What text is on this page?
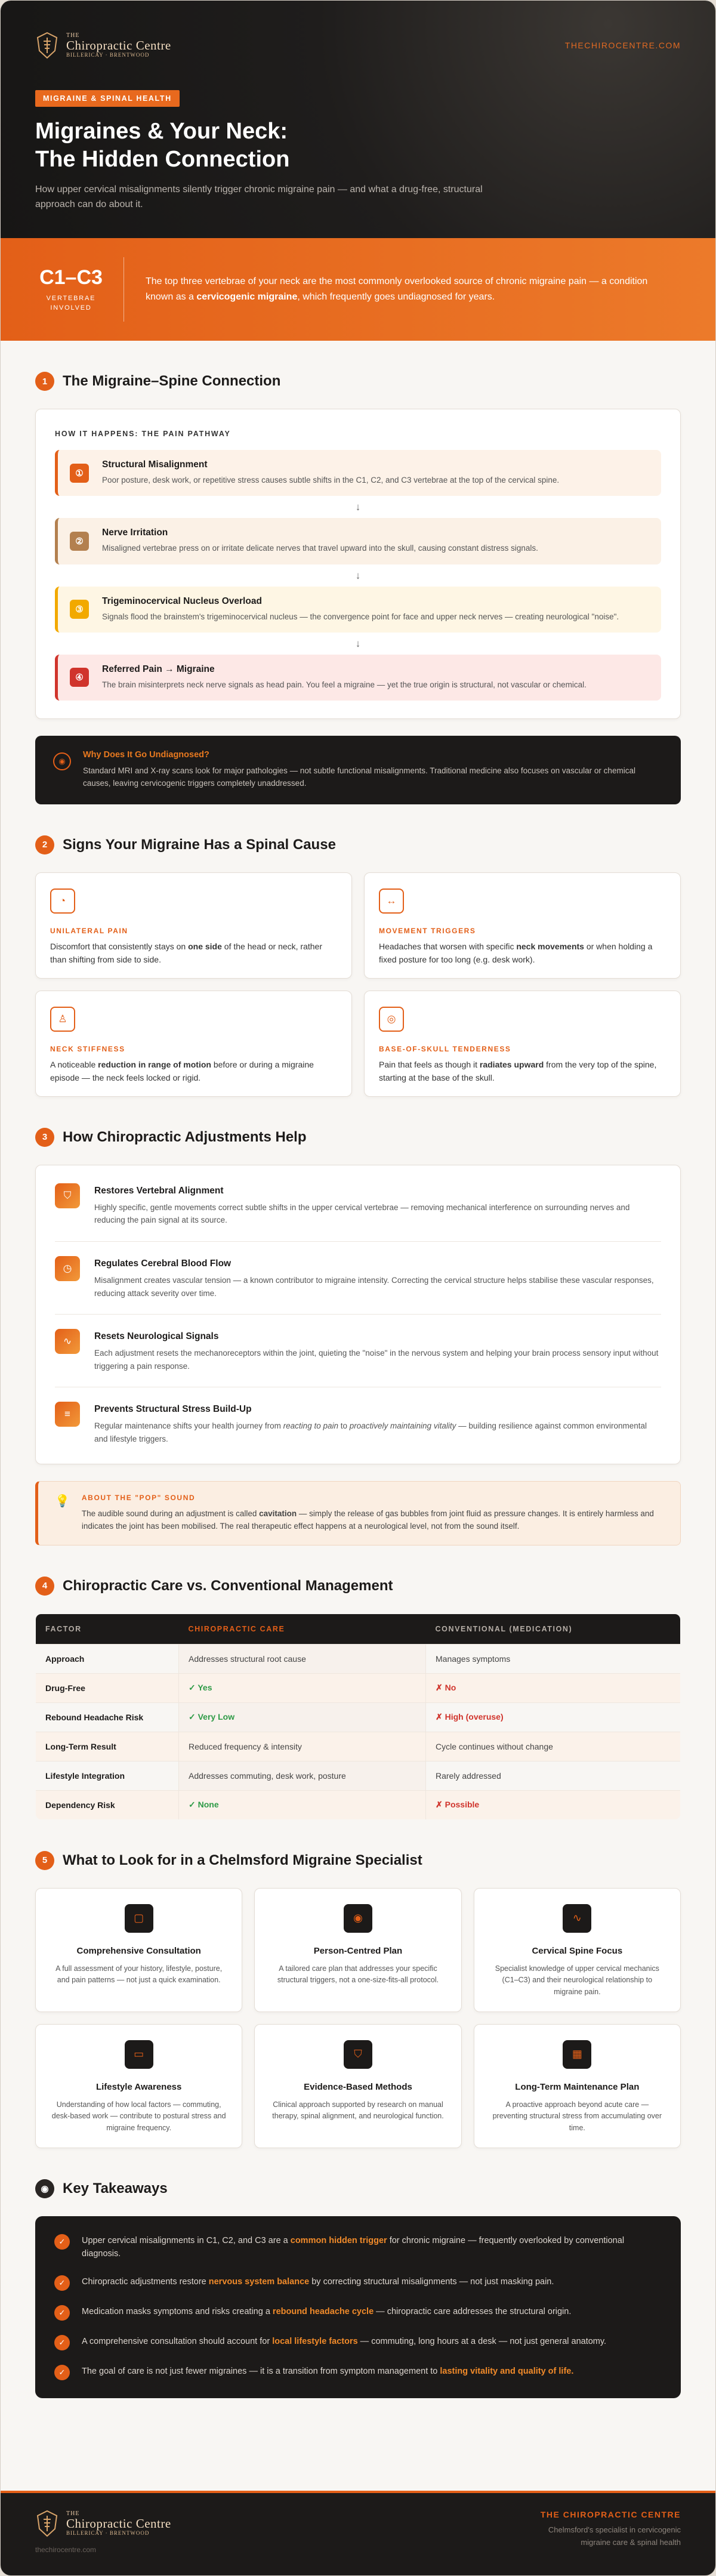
THE
Chiropractic Centre
BILLERICAY · BRENTWOOD
THECHIROCENTRE.COM
MIGRAINE & SPINAL HEALTH
Migraines & Your Neck:
The Hidden Connection

How upper cervical misalignments silently trigger chronic migraine pain — and what a drug-free, structural approach can do about it.

C1–C3
VERTEBRAE INVOLVED

The top three vertebrae of your neck are the most commonly overlooked source of chronic migraine pain — a condition known as a cervicogenic migraine, which frequently goes undiagnosed for years.

1	The Migraine–Spine Connection
HOW IT HAPPENS: THE PAIN PATHWAY
①
Structural Misalignment

Poor posture, desk work, or repetitive stress causes subtle shifts in the C1, C2, and C3 vertebrae at the top of the cervical spine.

↓
②
Nerve Irritation

Misaligned vertebrae press on or irritate delicate nerves that travel upward into the skull, causing constant distress signals.

↓
③
Trigeminocervical Nucleus Overload

Signals flood the brainstem's trigeminocervical nucleus — the convergence point for face and upper neck nerves — creating neurological "noise".

↓
④
Referred Pain → Migraine

The brain misinterprets neck nerve signals as head pain. You feel a migraine — yet the true origin is structural, not vascular or chemical.

◉
Why Does It Go Undiagnosed?

Standard MRI and X-ray scans look for major pathologies — not subtle functional misalignments. Traditional medicine also focuses on vascular or chemical causes, leaving cervicogenic triggers completely unaddressed.

2	Signs Your Migraine Has a Spinal Cause
◔
UNILATERAL PAIN

Discomfort that consistently stays on one side of the head or neck, rather than shifting from side to side.

↔
MOVEMENT TRIGGERS

Headaches that worsen with specific neck movements or when holding a fixed posture for too long (e.g. desk work).

♙
NECK STIFFNESS

A noticeable reduction in range of motion before or during a migraine episode — the neck feels locked or rigid.

◎
BASE-OF-SKULL TENDERNESS

Pain that feels as though it radiates upward from the very top of the spine, starting at the base of the skull.

3	How Chiropractic Adjustments Help
⛉	Restores Vertebral Alignment

Highly specific, gentle movements correct subtle shifts in the upper cervical vertebrae — removing mechanical interference on surrounding nerves and reducing the pain signal at its source.

◷	Regulates Cerebral Blood Flow

Misalignment creates vascular tension — a known contributor to migraine intensity. Correcting the cervical structure helps stabilise these vascular responses, reducing attack severity over time.

∿	Resets Neurological Signals

Each adjustment resets the mechanoreceptors within the joint, quieting the "noise" in the nervous system and helping your brain process sensory input without triggering a pain response.

≡	Prevents Structural Stress Build-Up

Regular maintenance shifts your health journey from reacting to pain to proactively maintaining vitality — building resilience against common environmental and lifestyle triggers.

💡 ABOUT THE "POP" SOUND

The audible sound during an adjustment is called cavitation — simply the release of gas bubbles from joint fluid as pressure changes. It is entirely harmless and indicates the joint has been mobilised. The real therapeutic effect happens at a neurological level, not from the sound itself.

4	Chiropractic Care vs. Conventional Management
FACTOR	CHIROPRACTIC CARE	CONVENTIONAL (MEDICATION)
Approach	Addresses structural root cause	Manages symptoms
Drug-Free	✓ Yes	✗ No
Rebound Headache Risk	✓ Very Low	✗ High (overuse)
Long-Term Result	Reduced frequency & intensity	Cycle continues without change
Lifestyle Integration	Addresses commuting, desk work, posture	Rarely addressed
Dependency Risk	✓ None	✗ Possible
5	What to Look for in a Chelmsford Migraine Specialist
▢
Comprehensive Consultation

A full assessment of your history, lifestyle, posture, and pain patterns — not just a quick examination.

◉
Person-Centred Plan

A tailored care plan that addresses your specific structural triggers, not a one-size-fits-all protocol.

∿
Cervical Spine Focus

Specialist knowledge of upper cervical mechanics (C1–C3) and their neurological relationship to migraine pain.

▭
Lifestyle Awareness

Understanding of how local factors — commuting, desk-based work — contribute to postural stress and migraine frequency.

⛉
Evidence-Based Methods

Clinical approach supported by research on manual therapy, spinal alignment, and neurological function.

▦
Long-Term Maintenance Plan

A proactive approach beyond acute care — preventing structural stress from accumulating over time.

◉ Key Takeaways
✓	Upper cervical misalignments in C1, C2, and C3 are a common hidden trigger for chronic migraine — frequently overlooked by conventional diagnosis.

✓	Chiropractic adjustments restore nervous system balance by correcting structural misalignments — not just masking pain.

✓	Medication masks symptoms and risks creating a rebound headache cycle — chiropractic care addresses the structural origin.

✓	A comprehensive consultation should account for local lifestyle factors — commuting, long hours at a desk — not just general anatomy.

✓	The goal of care is not just fewer migraines — it is a transition from symptom management to lasting vitality and quality of life.

THE
Chiropractic Centre
BILLERICAY · BRENTWOOD
thechirocentre.com
THE CHIROPRACTIC CENTRE
Chelmsford's specialist in cervicogenic
migraine care & spinal health
